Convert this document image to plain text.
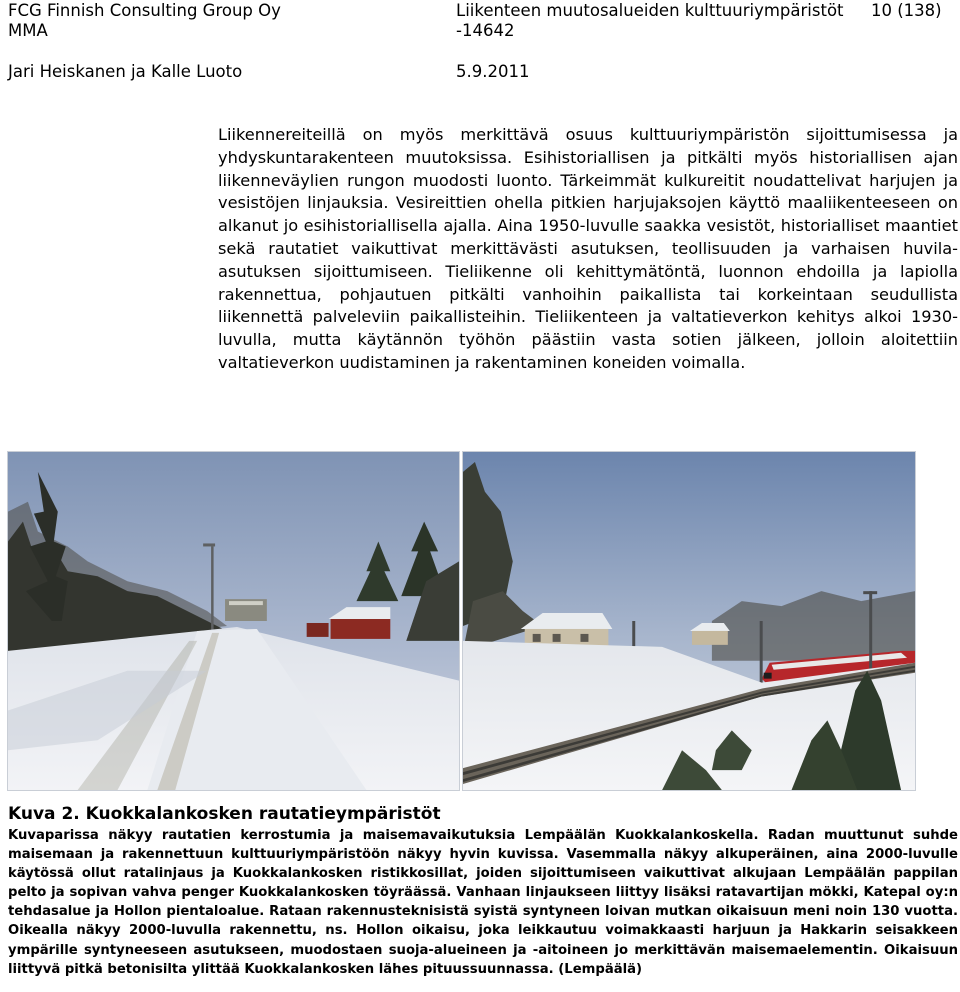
FCG Finnish Consulting Group Oy
MMA
Liikenteen muutosalueiden kulttuuriympäristöt
-14642
10 (138)
Jari Heiskanen ja Kalle Luoto	5.9.2011

Liikennereiteillä on myös merkittävä osuus kulttuuriympäristön sijoittumisessa ja yhdyskuntarakenteen muutoksissa. Esihistoriallisen ja pitkälti myös historiallisen ajan liikenneväylien rungon muodosti luonto. Tärkeimmät kulkureitit noudattelivat harjujen ja vesistöjen linjauksia. Vesireittien ohella pitkien harjujaksojen käyttö maaliikenteeseen on alkanut jo esihistoriallisella ajalla. Aina 1950-luvulle saakka vesistöt, historialliset maantiet sekä rautatiet vaikuttivat merkittävästi asutuksen, teollisuuden ja varhaisen huvila-asutuksen sijoittumiseen. Tieliikenne oli kehittymätöntä, luonnon ehdoilla ja lapiolla rakennettua, pohjautuen pitkälti vanhoihin paikallista tai korkeintaan seudullista liikennettä palveleviin paikallisteihin. Tieliikenteen ja valtatieverkon kehitys alkoi 1930-luvulla, mutta käytännön työhön päästiin vasta sotien jälkeen, jolloin aloitettiin valtatieverkon uudistaminen ja rakentaminen koneiden voimalla.

Kuva 2. Kuokkalankosken rautatieympäristöt
Kuvaparissa näkyy rautatien kerrostumia ja maisemavaikutuksia Lempäälän Kuokkalankoskella. Radan muuttunut suhde maisemaan ja rakennettuun kulttuuriympäristöön näkyy hyvin kuvissa. Vasemmalla näkyy alkuperäinen, aina 2000-luvulle käytössä ollut ratalinjaus ja Kuokkalankosken ristikkosillat, joiden sijoittumiseen vaikuttivat alkujaan Lempäälän pappilan pelto ja sopivan vahva penger Kuokkalankosken töyräässä. Vanhaan linjaukseen liittyy lisäksi ratavartijan mökki, Katepal oy:n tehdasalue ja Hollon pientaloalue. Rataan rakennusteknisistä syistä syntyneen loivan mutkan oikaisuun meni noin 130 vuotta. Oikealla näkyy 2000-luvulla rakennettu, ns. Hollon oikaisu, joka leikkautuu voimakkaasti harjuun ja Hakkarin seisakkeen ympärille syntyneeseen asutukseen, muodostaen suoja-alueineen ja -aitoineen jo merkittävän maisemaelementin. Oikaisuun liittyvä pitkä betonisilta ylittää Kuokkalankosken lähes pituussuunnassa. (Lempäälä)
